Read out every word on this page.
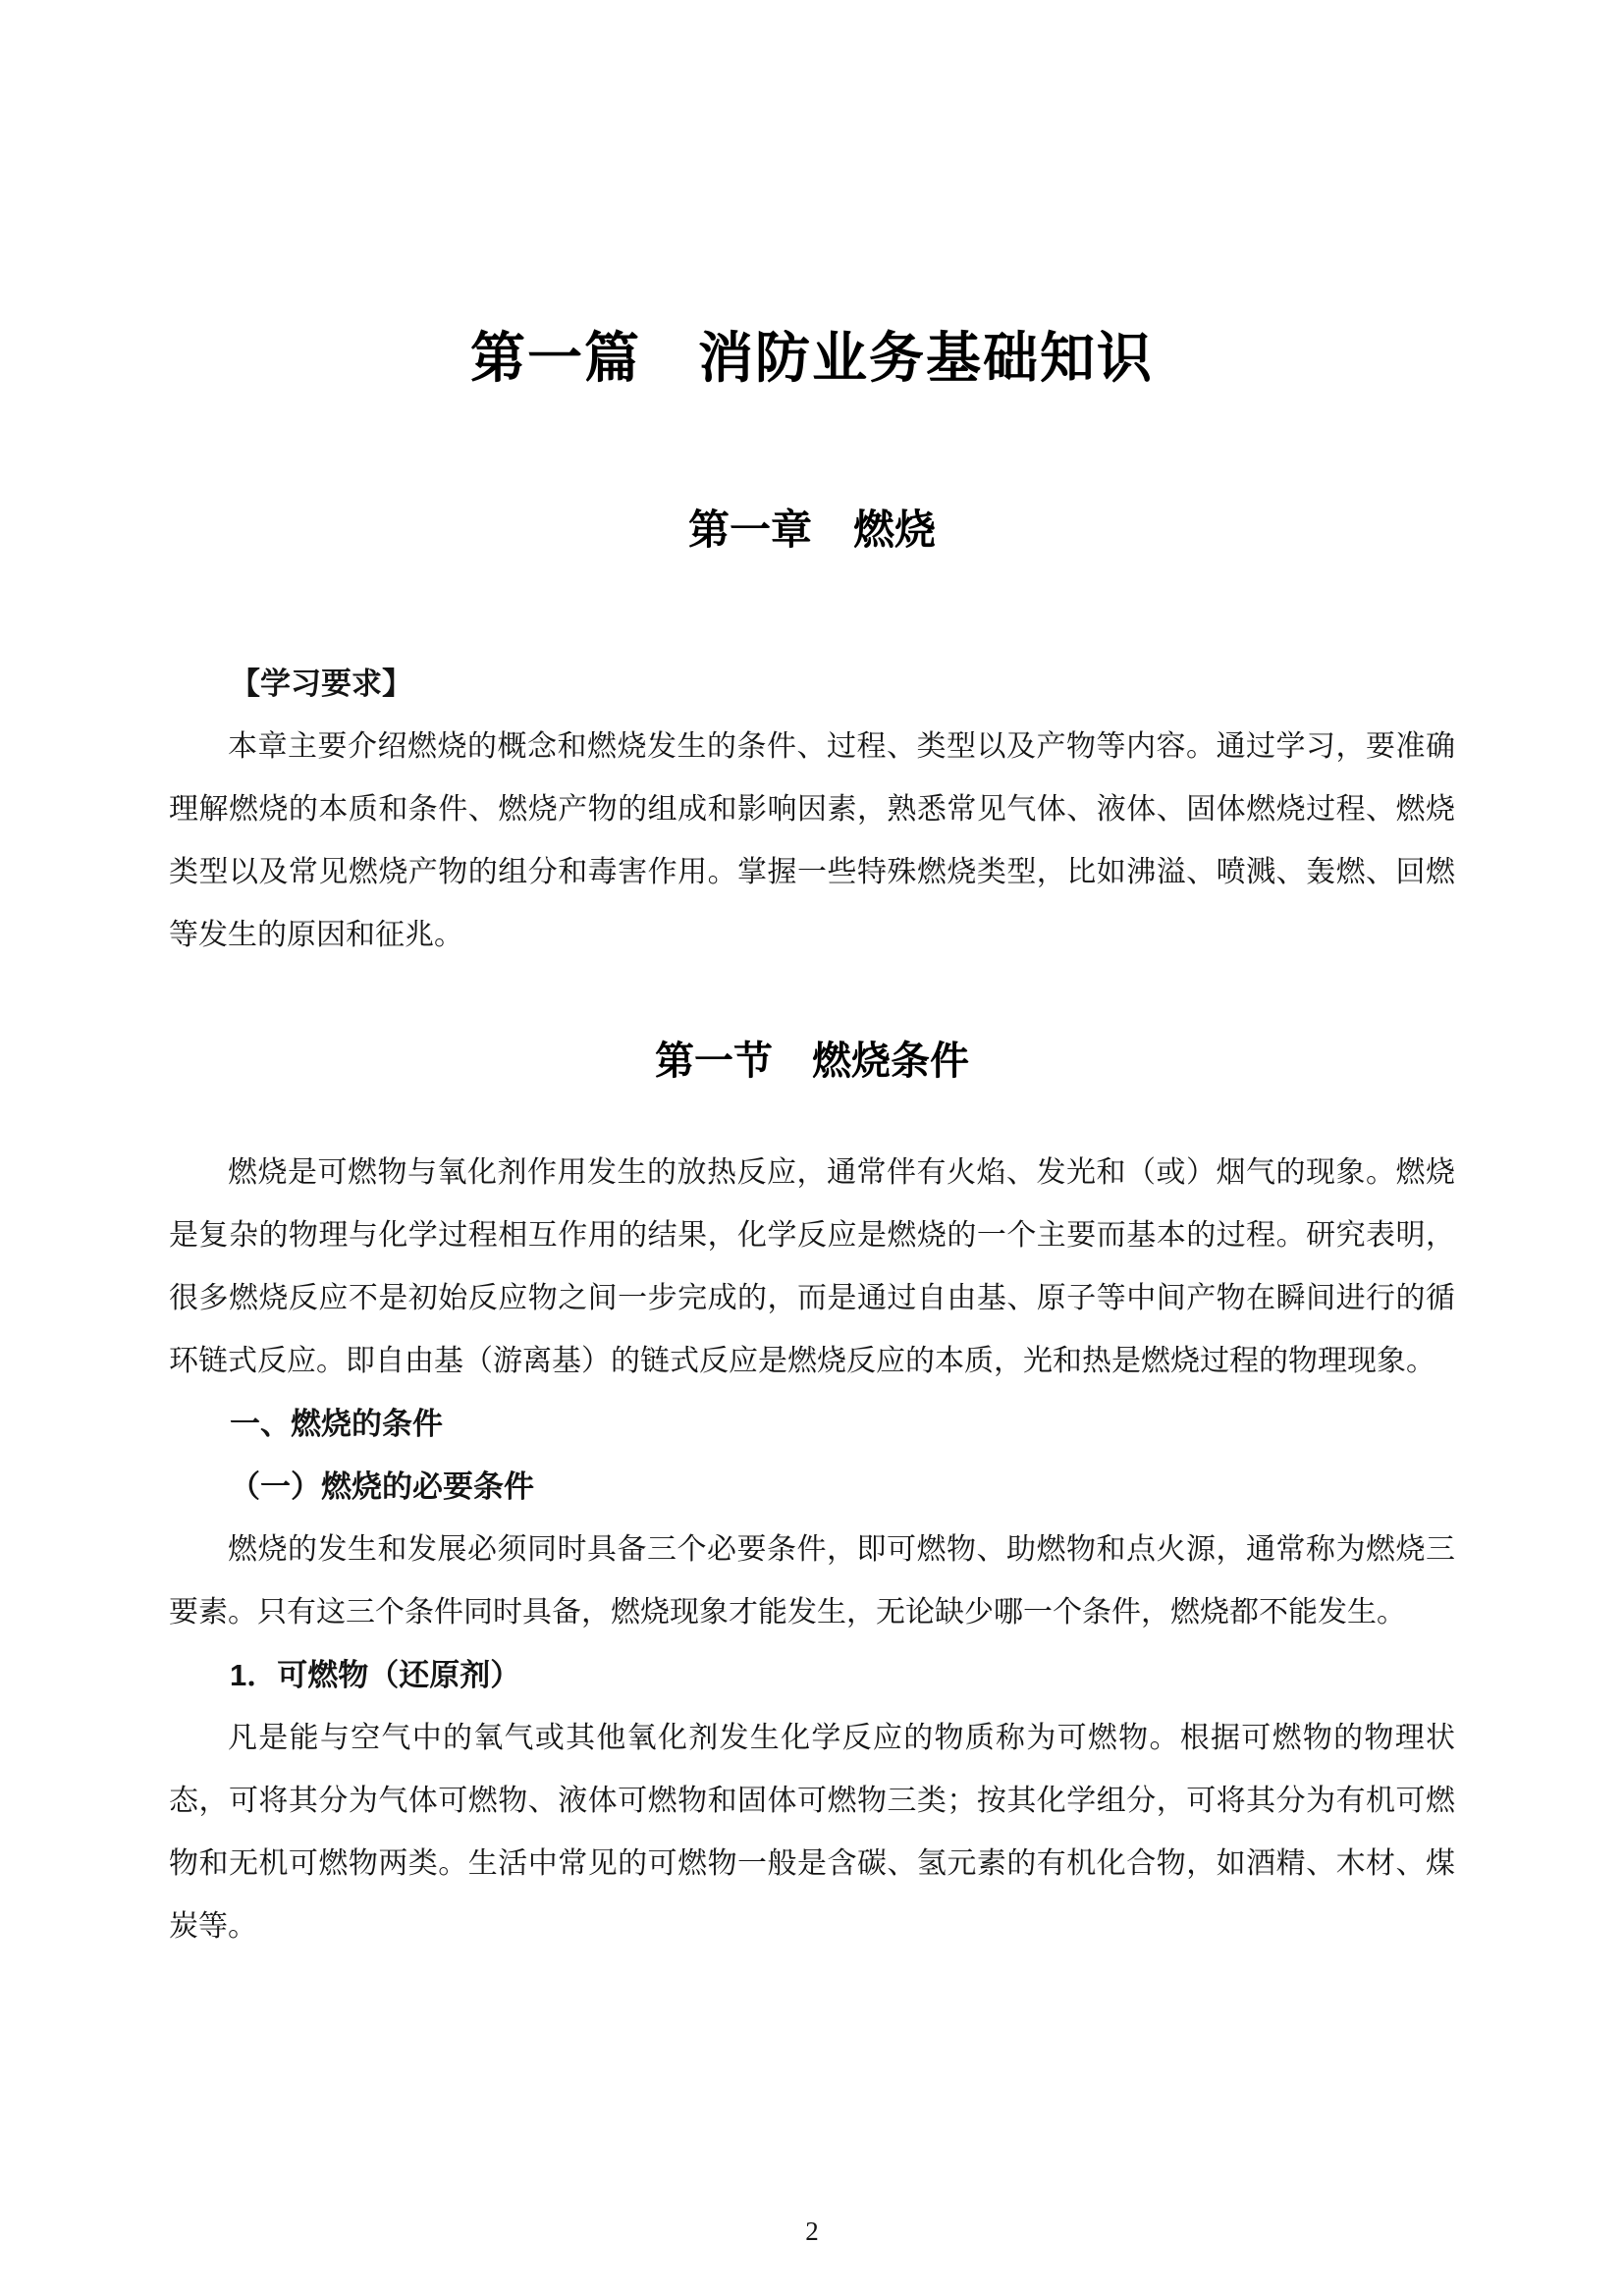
第一篇　消防业务基础知识
第一章　燃烧
【学习要求】

本章主要介绍燃烧的概念和燃烧发生的条件、过程、类型以及产物等内容。通过学习，要准确理解燃烧的本质和条件、燃烧产物的组成和影响因素，熟悉常见气体、液体、固体燃烧过程、燃烧类型以及常见燃烧产物的组分和毒害作用。掌握一些特殊燃烧类型，比如沸溢、喷溅、轰燃、回燃等发生的原因和征兆。

第一节　燃烧条件

燃烧是可燃物与氧化剂作用发生的放热反应，通常伴有火焰、发光和（或）烟气的现象。燃烧是复杂的物理与化学过程相互作用的结果，化学反应是燃烧的一个主要而基本的过程。研究表明，很多燃烧反应不是初始反应物之间一步完成的，而是通过自由基、原子等中间产物在瞬间进行的循环链式反应。即自由基（游离基）的链式反应是燃烧反应的本质，光和热是燃烧过程的物理现象。

一、燃烧的条件
（一）燃烧的必要条件

燃烧的发生和发展必须同时具备三个必要条件，即可燃物、助燃物和点火源，通常称为燃烧三要素。只有这三个条件同时具备，燃烧现象才能发生，无论缺少哪一个条件，燃烧都不能发生。

1．可燃物（还原剂）

凡是能与空气中的氧气或其他氧化剂发生化学反应的物质称为可燃物。根据可燃物的物理状态，可将其分为气体可燃物、液体可燃物和固体可燃物三类；按其化学组分，可将其分为有机可燃物和无机可燃物两类。生活中常见的可燃物一般是含碳、氢元素的有机化合物，如酒精、木材、煤炭等。

2
